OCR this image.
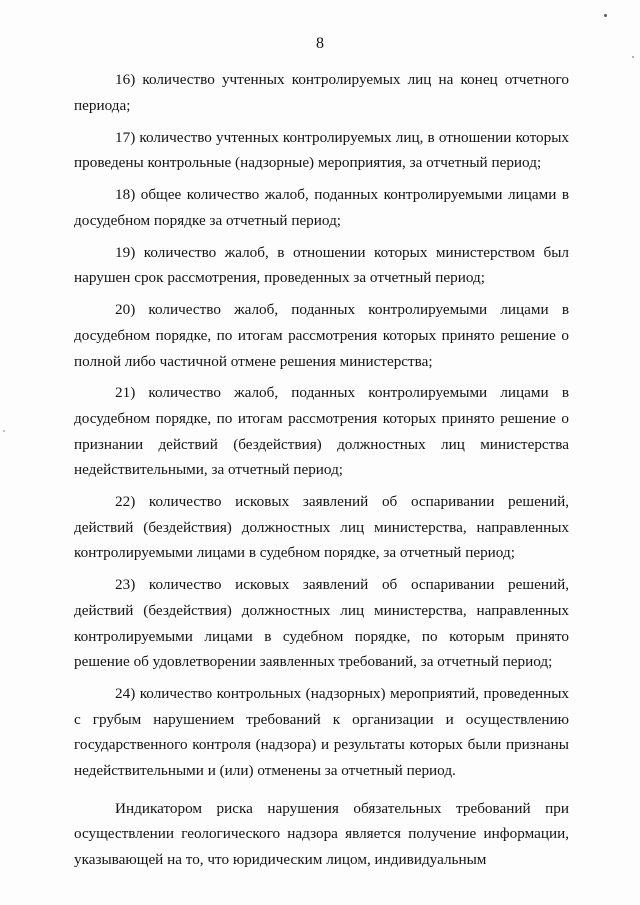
8

16) количество учтенных контролируемых лиц на конец отчетного периода;

17) количество учтенных контролируемых лиц, в отношении которых проведены контрольные (надзорные) мероприятия, за отчетный период;

18) общее количество жалоб, поданных контролируемыми лицами в досудебном порядке за отчетный период;

19) количество жалоб, в отношении которых министерством был нарушен срок рассмотрения, проведенных за отчетный период;

20) количество жалоб, поданных контролируемыми лицами в досудебном порядке, по итогам рассмотрения которых принято решение о полной либо частичной отмене решения министерства;

21) количество жалоб, поданных контролируемыми лицами в досудебном порядке, по итогам рассмотрения которых принято решение о признании действий (бездействия) должностных лиц министерства недействительными, за отчетный период;

22) количество исковых заявлений об оспаривании решений, действий (бездействия) должностных лиц министерства, направленных контролируемыми лицами в судебном порядке, за отчетный период;

23) количество исковых заявлений об оспаривании решений, действий (бездействия) должностных лиц министерства, направленных контролируемыми лицами в судебном порядке, по которым принято решение об удовлетворении заявленных требований, за отчетный период;

24) количество контрольных (надзорных) мероприятий, проведенных с грубым нарушением требований к организации и осуществлению государственного контроля (надзора) и результаты которых были признаны недействительными и (или) отменены за отчетный период.

Индикатором риска нарушения обязательных требований при осуществлении геологического надзора является получение информации, указывающей на то, что юридическим лицом, индивидуальным
